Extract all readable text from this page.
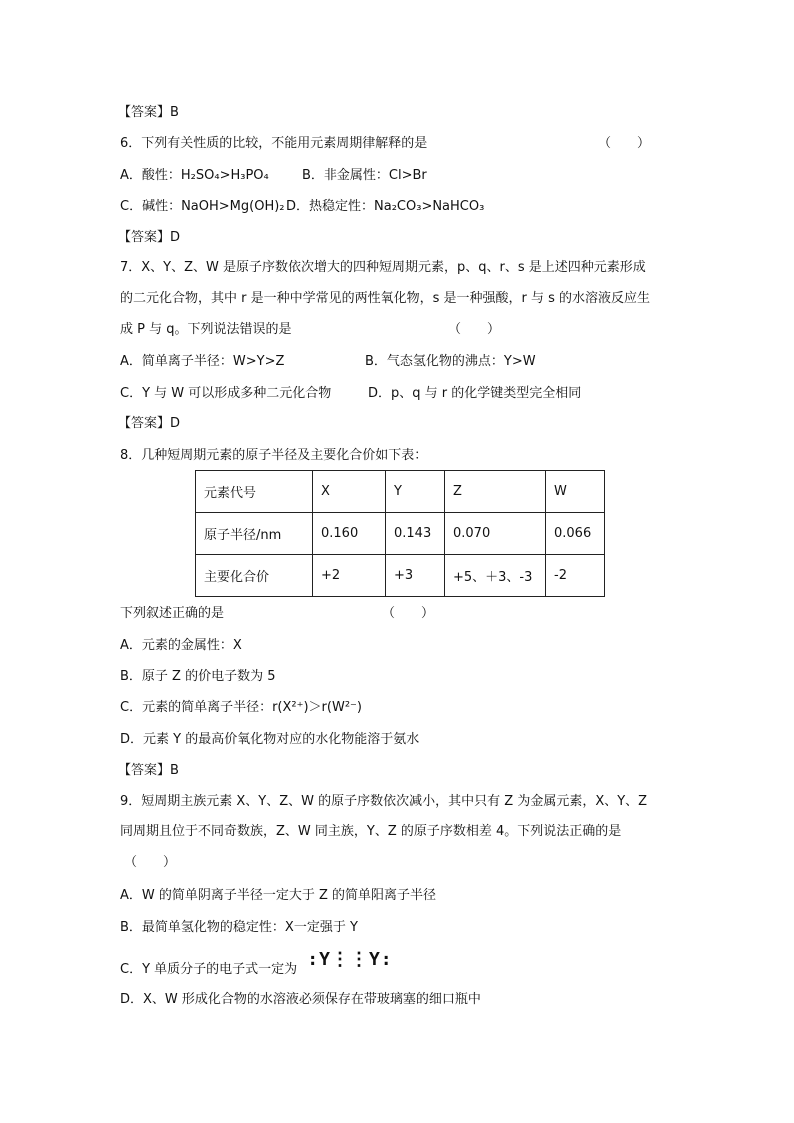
【答案】B
6．下列有关性质的比较，不能用元素周期律解释的是	（　　）
A．酸性：H₂SO₄>H₃PO₄	B．非金属性：Cl>Br
C．碱性：NaOH>Mg(OH)₂ D．热稳定性：Na₂CO₃>NaHCO₃
【答案】D
7．X、Y、Z、W 是原子序数依次增大的四种短周期元素，p、q、r、s 是上述四种元素形成
的二元化合物，其中 r 是一种中学常见的两性氧化物，s 是一种强酸，r 与 s 的水溶液反应生
成 P 与 q。下列说法错误的是	（　　）
A．简单离子半径：W>Y>Z	B．气态氢化物的沸点：Y>W
C．Y 与 W 可以形成多种二元化合物	D．p、q 与 r 的化学键类型完全相同
【答案】D
8．几种短周期元素的原子半径及主要化合价如下表：
元素代号	X	Y	Z	W
原子半径/nm	0.160	0.143	0.070	0.066
主要化合价	+2	+3	+5、＋3、-3	-2
下列叙述正确的是	（　　）
A．元素的金属性：X
B．原子 Z 的价电子数为 5
C．元素的简单离子半径：r(X²⁺)＞r(W²⁻)
D．元素 Y 的最高价氧化物对应的水化物能溶于氨水
【答案】B
9．短周期主族元素 X、Y、Z、W 的原子序数依次减小，其中只有 Z 为金属元素，X、Y、Z
同周期且位于不同奇数族，Z、W 同主族，Y、Z 的原子序数相差 4。下列说法正确的是
（　　）
A．W 的简单阴离子半径一定大于 Z 的简单阳离子半径
B．最简单氢化物的稳定性：X一定强于 Y
C．Y 单质分子的电子式一定为 :Y⋮⋮Y:
D．X、W 形成化合物的水溶液必须保存在带玻璃塞的细口瓶中
